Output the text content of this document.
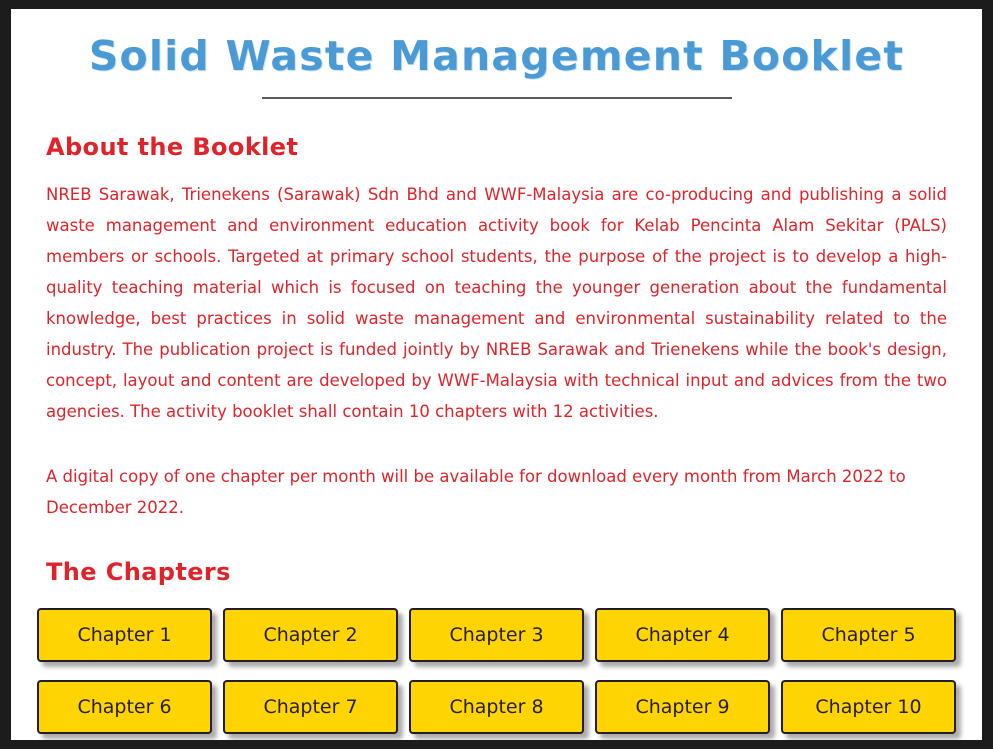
Solid Waste Management Booklet
About the Booklet
NREB Sarawak, Trienekens (Sarawak) Sdn Bhd and WWF-Malaysia are co-producing and publishing a solid waste management and environment education activity book for Kelab Pencinta Alam Sekitar (PALS) members or schools. Targeted at primary school students, the purpose of the project is to develop a high-quality teaching material which is focused on teaching the younger generation about the fundamental knowledge, best practices in solid waste management and environmental sustainability related to the industry. The publication project is funded jointly by NREB Sarawak and Trienekens while the book's design, concept, layout and content are developed by WWF-Malaysia with technical input and advices from the two agencies. The activity booklet shall contain 10 chapters with 12 activities.
A digital copy of one chapter per month will be available for download every month from March 2022 to December 2022.
The Chapters
Chapter 1	Chapter 2	Chapter 3	Chapter 4	Chapter 5
Chapter 6	Chapter 7	Chapter 8	Chapter 9	Chapter 10
